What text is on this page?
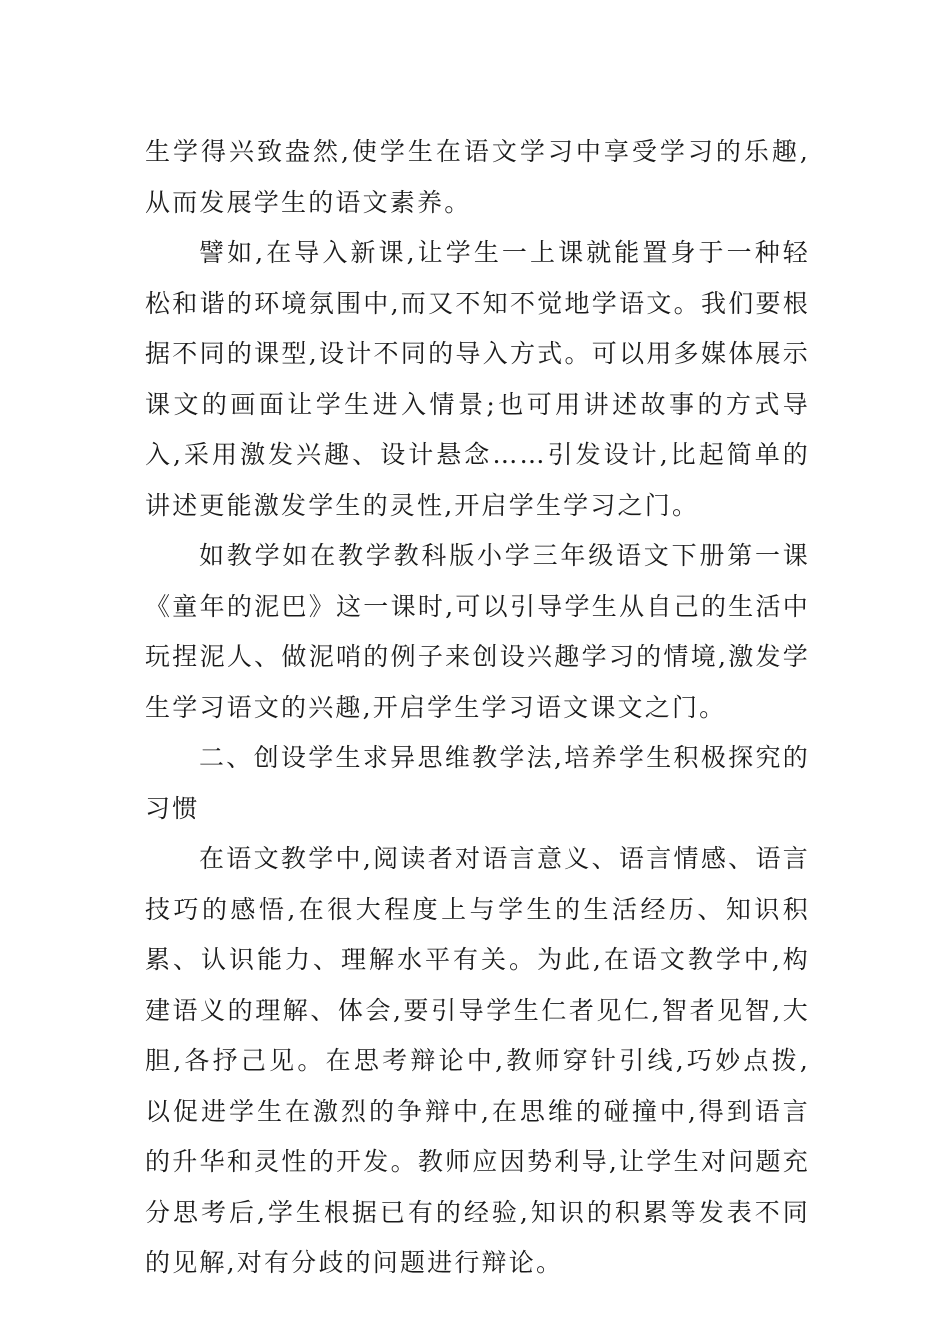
生学得兴致盎然,使学生在语文学习中享受学习的乐趣,从而发展学生的语文素养。

譬如,在导入新课,让学生一上课就能置身于一种轻松和谐的环境氛围中,而又不知不觉地学语文。我们要根据不同的课型,设计不同的导入方式。可以用多媒体展示课文的画面让学生进入情景;也可用讲述故事的方式导入,采用激发兴趣、设计悬念……引发设计,比起简单的讲述更能激发学生的灵性,开启学生学习之门。

如教学如在教学教科版小学三年级语文下册第一课《童年的泥巴》这一课时,可以引导学生从自己的生活中玩捏泥人、做泥哨的例子来创设兴趣学习的情境,激发学生学习语文的兴趣,开启学生学习语文课文之门。

二、创设学生求异思维教学法,培养学生积极探究的习惯

在语文教学中,阅读者对语言意义、语言情感、语言技巧的感悟,在很大程度上与学生的生活经历、知识积累、认识能力、理解水平有关。为此,在语文教学中,构建语义的理解、体会,要引导学生仁者见仁,智者见智,大胆,各抒己见。在思考辩论中,教师穿针引线,巧妙点拨,以促进学生在激烈的争辩中,在思维的碰撞中,得到语言的升华和灵性的开发。教师应因势利导,让学生对问题充分思考后,学生根据已有的经验,知识的积累等发表不同的见解,对有分歧的问题进行辩论。
